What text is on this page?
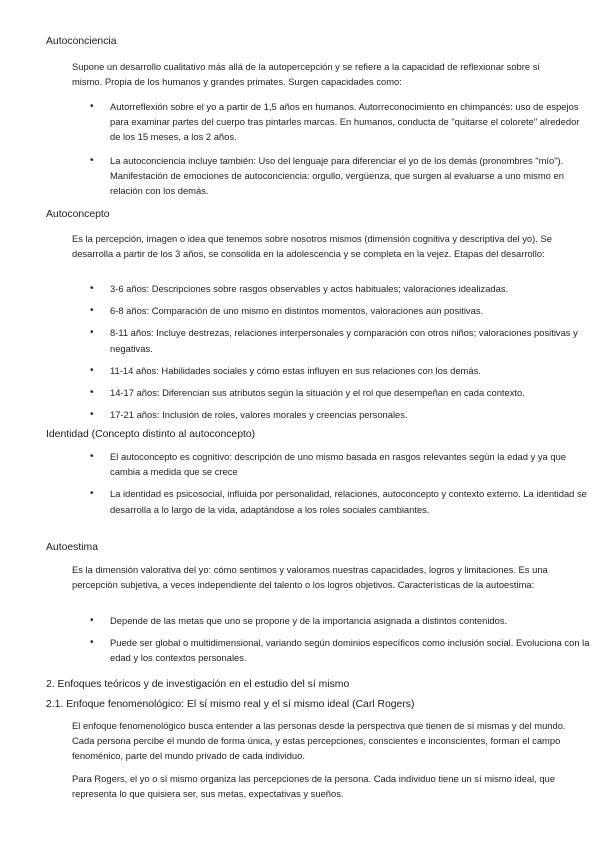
Autoconciencia
Supone un desarrollo cualitativo más allá de la autopercepción y se refiere a la capacidad de reflexionar sobre sí mismo. Propia de los humanos y grandes primates. Surgen capacidades como:
• Autorreflexión sobre el yo a partir de 1,5 años en humanos. Autorreconocimiento en chimpancés: uso de espejos para examinar partes del cuerpo tras pintarles marcas. En humanos, conducta de "quitarse el colorete" alrededor de los 15 meses, a los 2 años.
• La autoconciencia incluye también: Uso del lenguaje para diferenciar el yo de los demás (pronombres "mío"). Manifestación de emociones de autoconciencia: orgullo, vergüenza, que surgen al evaluarse a uno mismo en relación con los demás.
Autoconcepto
Es la percepción, imagen o idea que tenemos sobre nosotros mismos (dimensión cognitiva y descriptiva del yo). Se desarrolla a partir de los 3 años, se consolida en la adolescencia y se completa en la vejez. Etapas del desarrollo:
• 3-6 años: Descripciones sobre rasgos observables y actos habituales; valoraciones idealizadas.
• 6-8 años: Comparación de uno mismo en distintos momentos, valoraciones aún positivas.
• 8-11 años: Incluye destrezas, relaciones interpersonales y comparación con otros niños; valoraciones positivas y negativas.
• 11-14 años: Habilidades sociales y cómo estas influyen en sus relaciones con los demás.
• 14-17 años: Diferencian sus atributos según la situación y el rol que desempeñan en cada contexto.
• 17-21 años: Inclusión de roles, valores morales y creencias personales.
Identidad (Concepto distinto al autoconcepto)
• El autoconcepto es cognitivo: descripción de uno mismo basada en rasgos relevantes según la edad y ya que cambia a medida que se crece
• La identidad es psicosocial, influida por personalidad, relaciones, autoconcepto y contexto externo. La identidad se desarrolla a lo largo de la vida, adaptándose a los roles sociales cambiantes.
Autoestima
Es la dimensión valorativa del yo: cómo sentimos y valoramos nuestras capacidades, logros y limitaciones. Es una percepción subjetiva, a veces independiente del talento o los logros objetivos. Características de la autoestima:
• Depende de las metas que uno se propone y de la importancia asignada a distintos contenidos.
• Puede ser global o multidimensional, variando según dominios específicos como inclusión social. Evoluciona con la edad y los contextos personales.
2. Enfoques teóricos y de investigación en el estudio del sí mismo
2.1. Enfoque fenomenológico: El sí mismo real y el sí mismo ideal (Carl Rogers)
El enfoque fenomenológico busca entender a las personas desde la perspectiva que tienen de sí mismas y del mundo. Cada persona percibe el mundo de forma única, y estas percepciones, conscientes e inconscientes, forman el campo fenoménico, parte del mundo privado de cada individuo.
Para Rogers, el yo o sí mismo organiza las percepciones de la persona. Cada individuo tiene un sí mismo ideal, que representa lo que quisiera ser, sus metas, expectativas y sueños.
